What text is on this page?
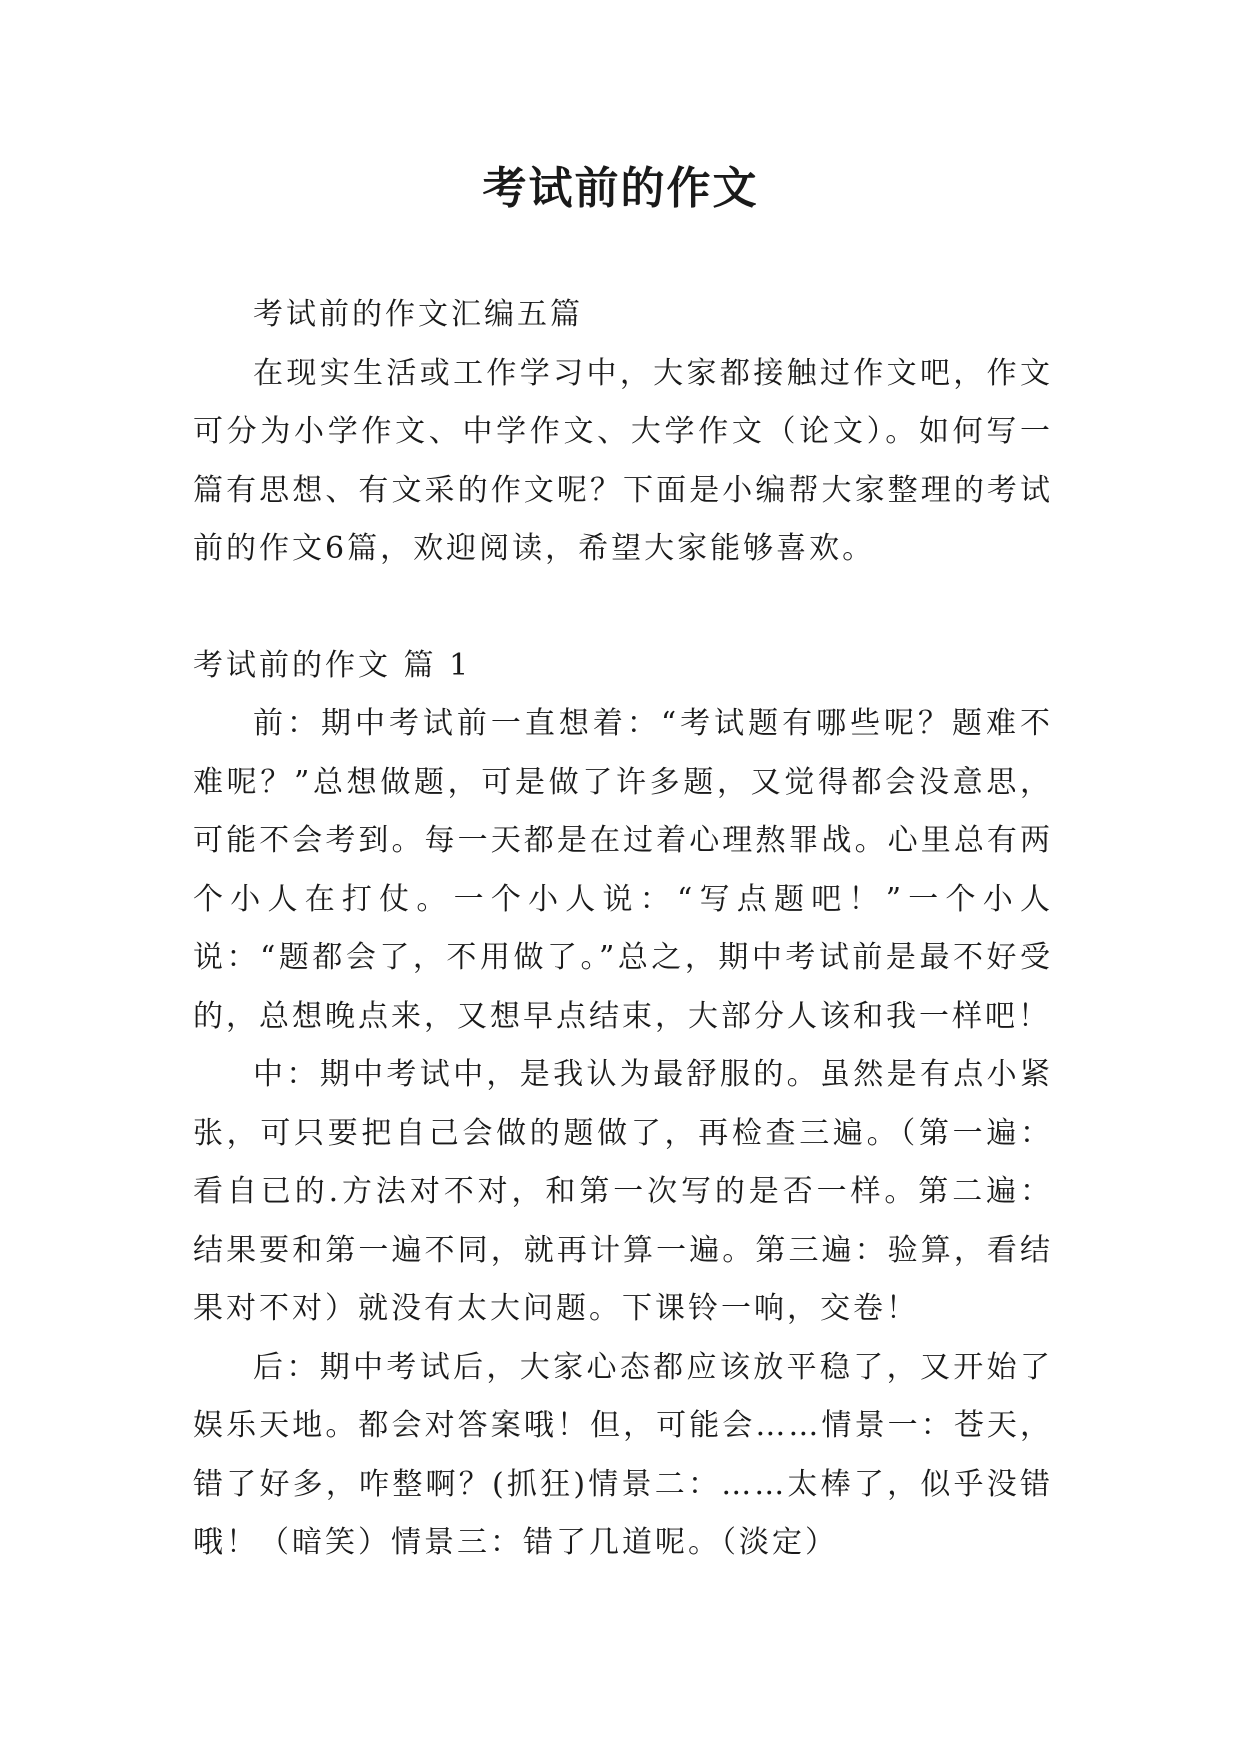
考试前的作文

考试前的作文汇编五篇

在现实生活或工作学习中，大家都接触过作文吧，作文可分为小学作文、中学作文、大学作文（论文）。如何写一篇有思想、有文采的作文呢？下面是小编帮大家整理的考试前的作文6篇，欢迎阅读，希望大家能够喜欢。

考试前的作文 篇 1

前：期中考试前一直想着：“考试题有哪些呢？题难不难呢？”总想做题，可是做了许多题，又觉得都会没意思，可能不会考到。每一天都是在过着心理熬罪战。心里总有两个小人在打仗。一个小人说：“写点题吧！”一个小人说：“题都会了，不用做了。”总之，期中考试前是最不好受的，总想晚点来，又想早点结束，大部分人该和我一样吧！

中：期中考试中，是我认为最舒服的。虽然是有点小紧张，可只要把自己会做的题做了，再检查三遍。（第一遍：看自已的.方法对不对，和第一次写的是否一样。第二遍：结果要和第一遍不同，就再计算一遍。第三遍：验算，看结果对不对）就没有太大问题。下课铃一响，交卷！

后：期中考试后，大家心态都应该放平稳了，又开始了娱乐天地。都会对答案哦！但，可能会……情景一：苍天，错了好多，咋整啊？(抓狂)情景二：……太棒了，似乎没错哦！（暗笑）情景三：错了几道呢。（淡定）
